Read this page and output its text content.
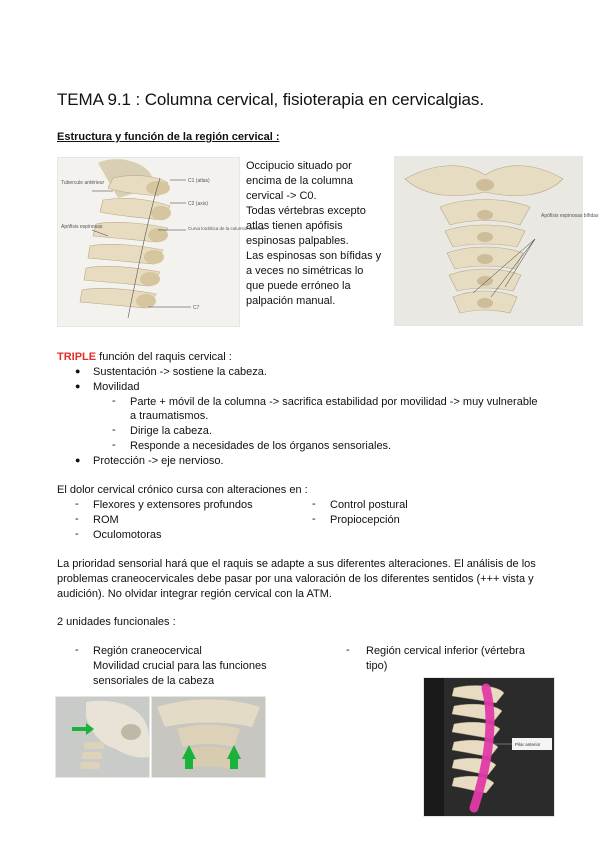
TEMA 9.1 : Columna cervical, fisioterapia en cervicalgias.
Estructura y función de la región cervical :
Tubercule antérieur
Apófisis espinosas
C1 (atlas)
C2 (axis)
Curva lordótica de la columna cervical
C7
Occipucio situado por
encima de la columna
cervical -> C0.
Todas vértebras excepto
atlas tienen apófisis
espinosas palpables.
Las espinosas son bífidas y
a veces no simétricas lo
que puede erróneo la
palpación manual.
Apófisis espinosas bífidas
TRIPLE función del raquis cervical :
● Sustentación -> sostiene la cabeza.
● Movilidad
- Parte + móvil de la columna -> sacrifica estabilidad por movilidad -> muy vulnerable
a traumatismos.
- Dirige la cabeza.
- Responde a necesidades de los órganos sensoriales.
● Protección -> eje nervioso.
El dolor cervical crónico cursa con alteraciones en :
- Flexores y extensores profundos
- ROM
- Oculomotoras
- Control postural
- Propiocepción
La prioridad sensorial hará que el raquis se adapte a sus diferentes alteraciones. El análisis de los
problemas craneocervicales debe pasar por una valoración de los diferentes sentidos (+++ vista y
audición). No olvidar integrar región cervical con la ATM.
2 unidades funcionales :
- Región craneocervical
Movilidad crucial para las funciones
sensoriales de la cabeza
- Región cervical inferior (vértebra
tipo)
Pilar anterior
